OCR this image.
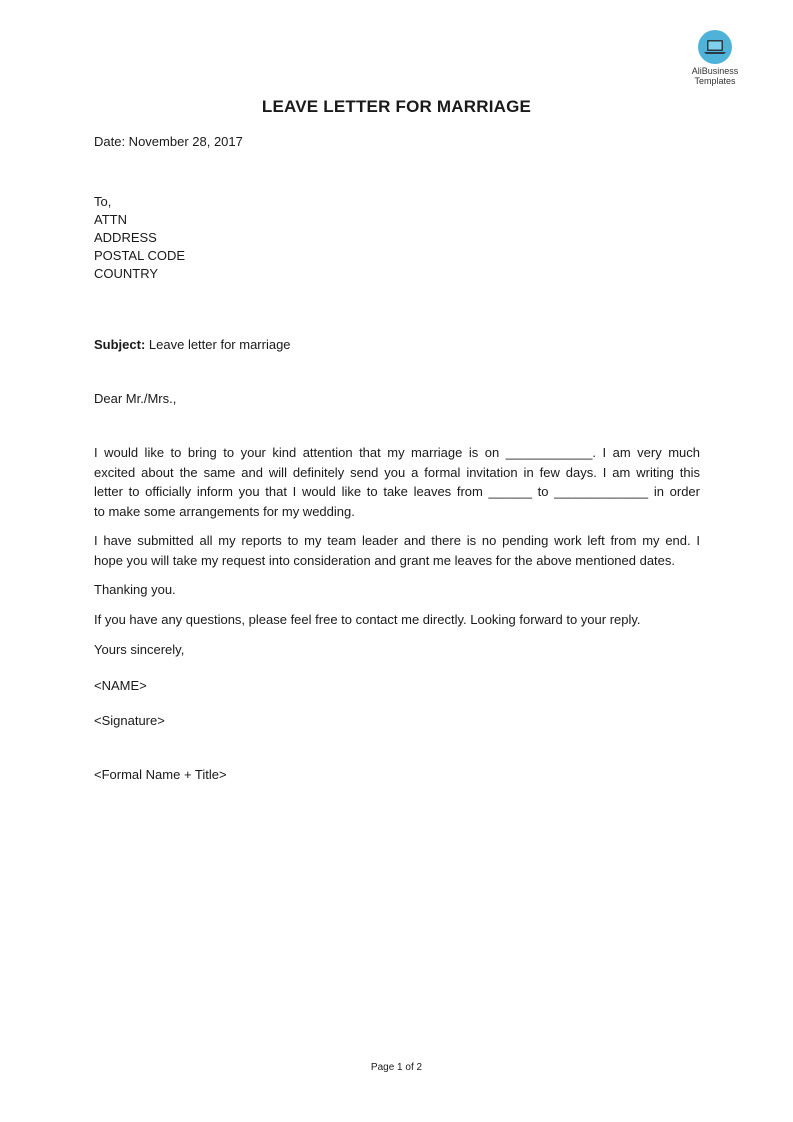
AliBusiness
Templates
LEAVE LETTER FOR MARRIAGE
Date: November 28, 2017
To,
ATTN
ADDRESS
POSTAL CODE
COUNTRY
Subject: Leave letter for marriage
Dear Mr./Mrs.,
I would like to bring to your kind attention that my marriage is on ____________. I am very much
excited about the same and will definitely send you a formal invitation in few days. I am writing this
letter to officially inform you that I would like to take leaves from ______ to _____________ in order
to make some arrangements for my wedding.
I have submitted all my reports to my team leader and there is no pending work left from my end. I
hope you will take my request into consideration and grant me leaves for the above mentioned dates.
Thanking you.
If you have any questions, please feel free to contact me directly. Looking forward to your reply.
Yours sincerely,
<NAME>
<Signature>
<Formal Name + Title>
Page 1 of 2
